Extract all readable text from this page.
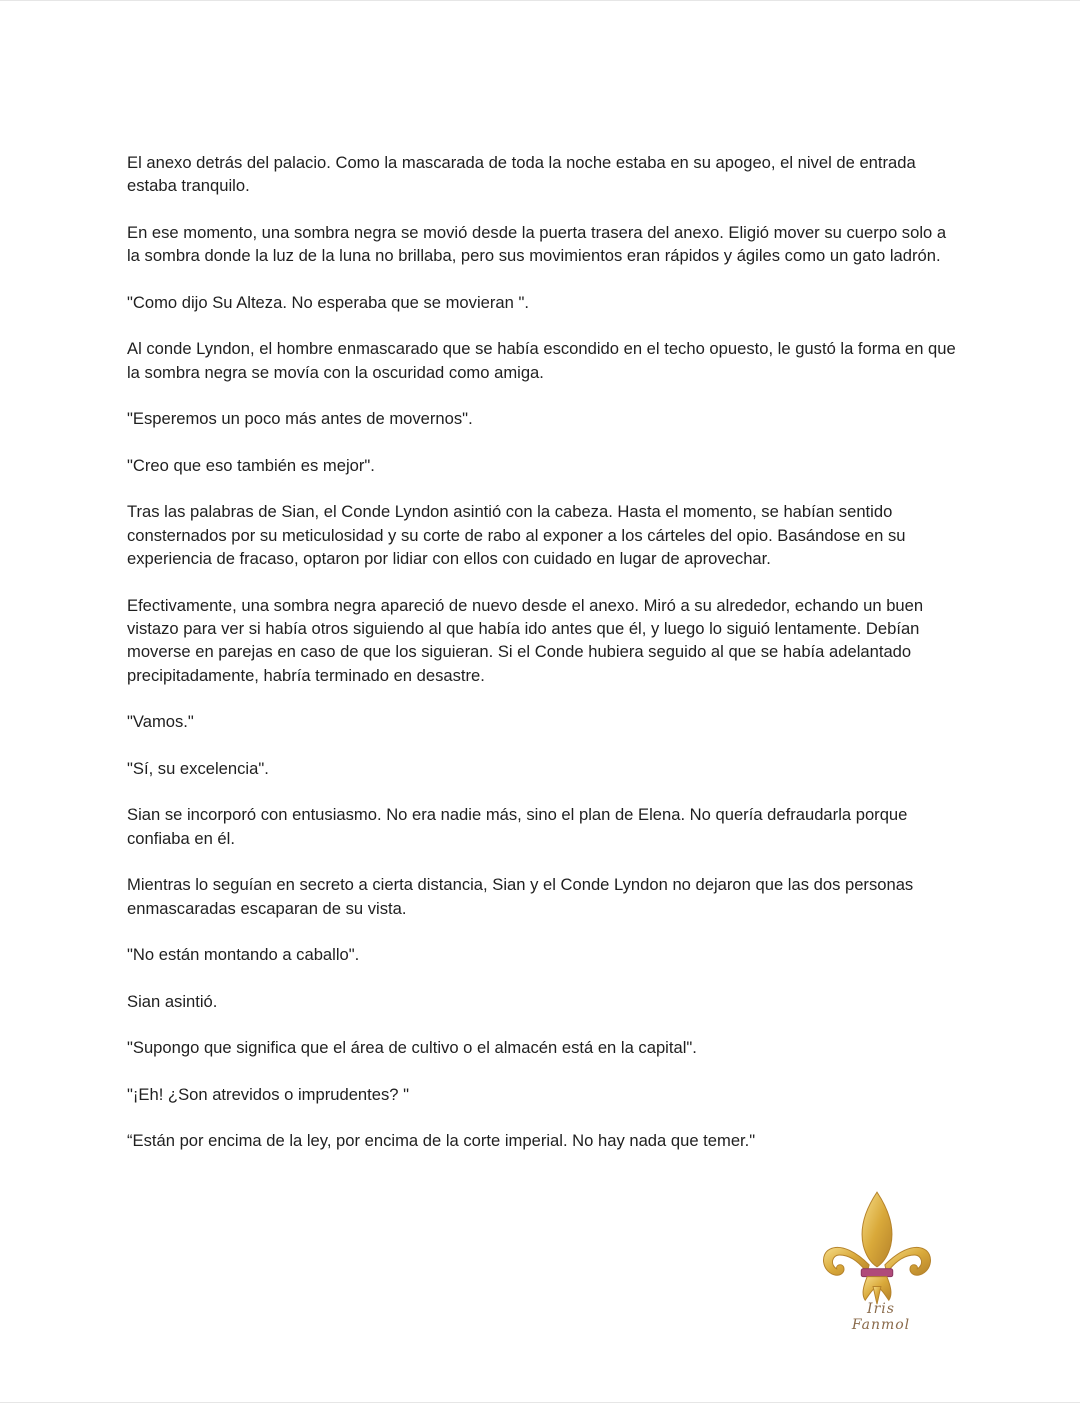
El anexo detrás del palacio. Como la mascarada de toda la noche estaba en su apogeo, el nivel de entrada estaba tranquilo.

En ese momento, una sombra negra se movió desde la puerta trasera del anexo. Eligió mover su cuerpo solo a la sombra donde la luz de la luna no brillaba, pero sus movimientos eran rápidos y ágiles como un gato ladrón.

"Como dijo Su Alteza. No esperaba que se movieran ".

Al conde Lyndon, el hombre enmascarado que se había escondido en el techo opuesto, le gustó la forma en que la sombra negra se movía con la oscuridad como amiga.

"Esperemos un poco más antes de movernos".

"Creo que eso también es mejor".

Tras las palabras de Sian, el Conde Lyndon asintió con la cabeza. Hasta el momento, se habían sentido consternados por su meticulosidad y su corte de rabo al exponer a los cárteles del opio. Basándose en su experiencia de fracaso, optaron por lidiar con ellos con cuidado en lugar de aprovechar.

Efectivamente, una sombra negra apareció de nuevo desde el anexo. Miró a su alrededor, echando un buen vistazo para ver si había otros siguiendo al que había ido antes que él, y luego lo siguió lentamente. Debían moverse en parejas en caso de que los siguieran. Si el Conde hubiera seguido al que se había adelantado precipitadamente, habría terminado en desastre.

"Vamos."

"Sí, su excelencia".

Sian se incorporó con entusiasmo. No era nadie más, sino el plan de Elena. No quería defraudarla porque confiaba en él.

Mientras lo seguían en secreto a cierta distancia, Sian y el Conde Lyndon no dejaron que las dos personas enmascaradas escaparan de su vista.

"No están montando a caballo".

Sian asintió.

"Supongo que significa que el área de cultivo o el almacén está en la capital".

"¡Eh! ¿Son atrevidos o imprudentes? "

“Están por encima de la ley, por encima de la corte imperial. No hay nada que temer."

Iris Fanmol
